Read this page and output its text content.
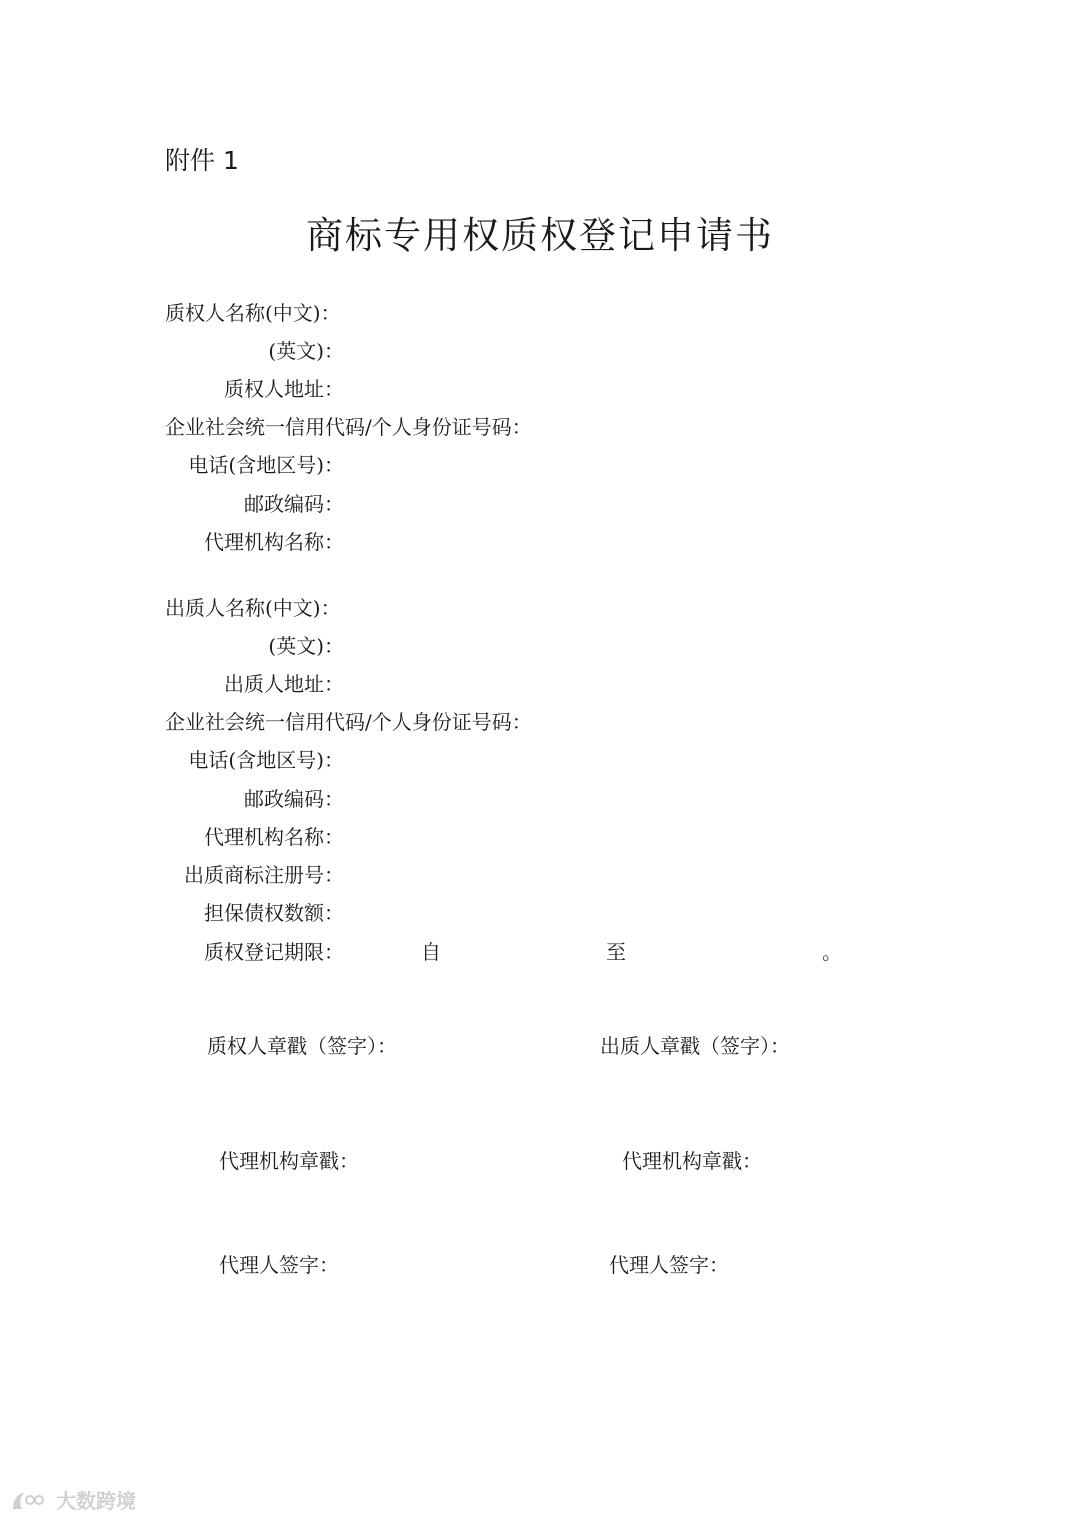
附件 1
商标专用权质权登记申请书
质权人名称(中文)：
(英文)：
质权人地址：
企业社会统一信用代码/个人身份证号码：
电话(含地区号)：
邮政编码：
代理机构名称：
出质人名称(中文)：
(英文)：
出质人地址：
企业社会统一信用代码/个人身份证号码：
电话(含地区号)：
邮政编码：
代理机构名称：
出质商标注册号：
担保债权数额：
质权登记期限：	自	至	。
质权人章戳（签字）：	出质人章戳（签字）：
代理机构章戳：	代理机构章戳：
代理人签字：	代理人签字：
大数跨境
